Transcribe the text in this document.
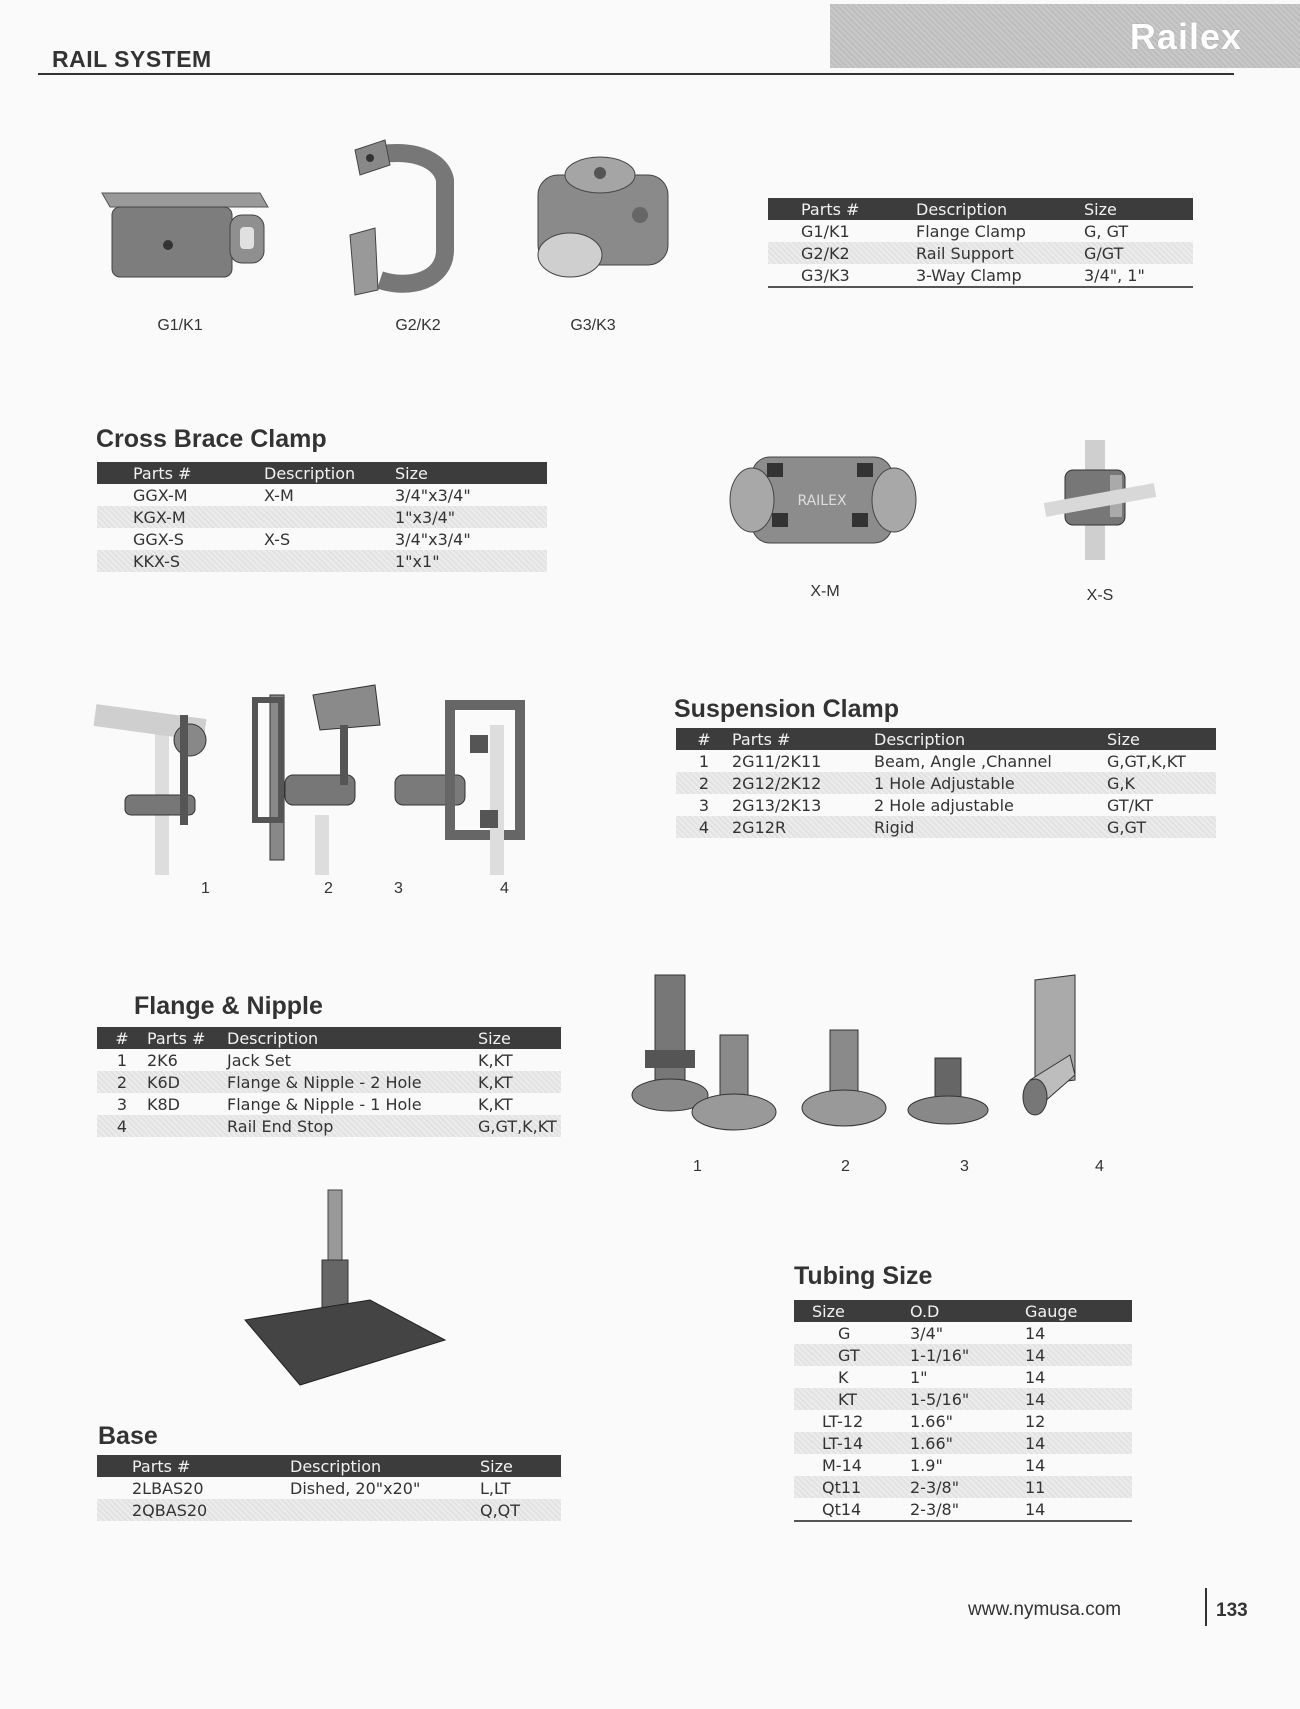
RAIL SYSTEM
Railex
G1/K1	G2/K2	G3/K3
	Parts #	Description	Size
	G1/K1	Flange Clamp	G, GT
	G2/K2	Rail Support	G/GT
	G3/K3	3-Way Clamp	3/4", 1"
Cross Brace Clamp
	Parts #	Description	Size
	GGX-M	X-M	3/4"x3/4"
	KGX-M		1"x3/4"
	GGX-S	X-S	3/4"x3/4"
	KKX-S		1"x1"
RAILEX
X-M	X-S
1	2	3	4
Suspension Clamp
#	Parts #	Description	Size
1	2G11/2K11	Beam, Angle ,Channel	G,GT,K,KT
2	2G12/2K12	1 Hole Adjustable	G,K
3	2G13/2K13	2 Hole adjustable	GT/KT
4	2G12R	Rigid	G,GT
Flange & Nipple
#	Parts #	Description	Size
1	2K6	Jack Set	K,KT
2	K6D	Flange & Nipple - 2 Hole	K,KT
3	K8D	Flange & Nipple - 1 Hole	K,KT
4		Rail End Stop	G,GT,K,KT
1	2	3	4
Base
	Parts #	Description	Size
	2LBAS20	Dished, 20"x20"	L,LT
	2QBAS20		Q,QT
Tubing Size
	Size	O.D	Gauge
	G	3/4"	14
	GT	1-1/16"	14
	K	1"	14
	KT	1-5/16"	14
	LT-12	1.66"	12
	LT-14	1.66"	14
	M-14	1.9"	14
	Qt11	2-3/8"	11
	Qt14	2-3/8"	14
www.nymusa.com	133
